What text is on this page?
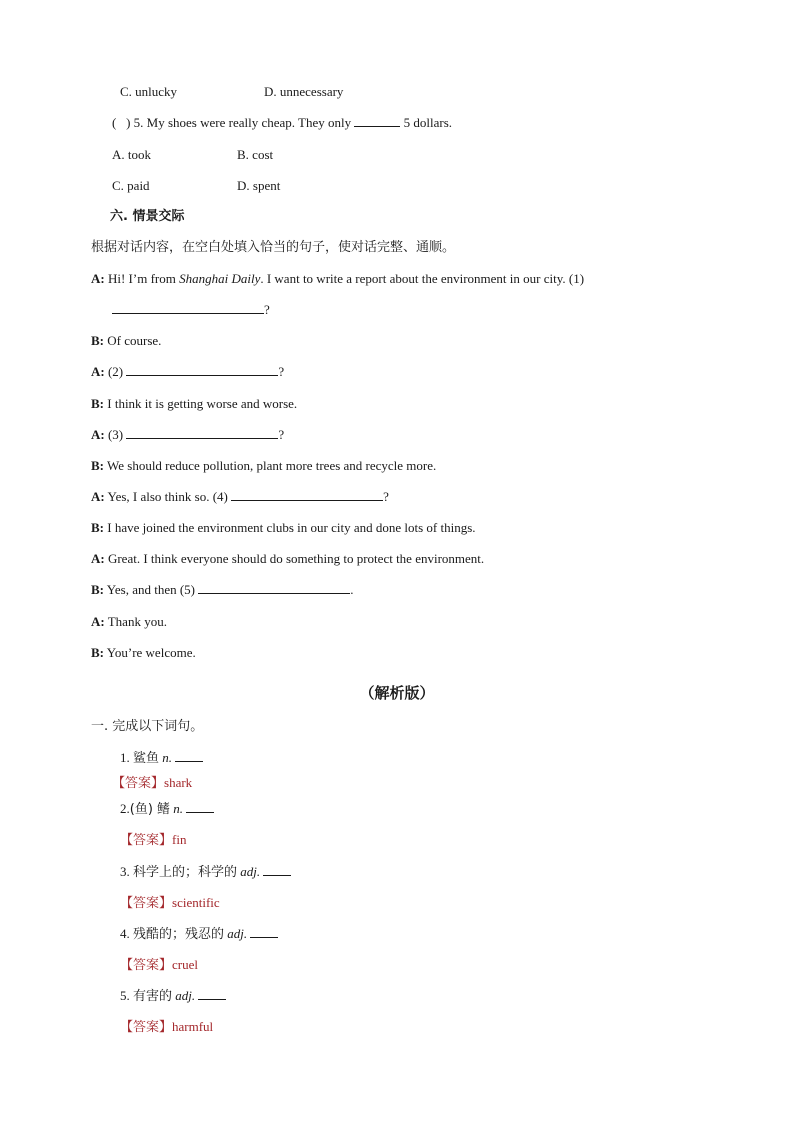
C. unlucky	D. unnecessary
(   ) 5. My shoes were really cheap. They only	5 dollars.
A. took	B. cost
C. paid	D. spent
六. 情景交际
根据对话内容，在空白处填入恰当的句子，使对话完整、通顺。
A: Hi! I’m from Shanghai Daily. I want to write a report about the environment in our city. (1)
?
B: Of course.
A: (2)	?
B: I think it is getting worse and worse.
A: (3)	?
B: We should reduce pollution, plant more trees and recycle more.
A: Yes, I also think so. (4)	?
B: I have joined the environment clubs in our city and done lots of things.
A: Great. I think everyone should do something to protect the environment.
B: Yes, and then (5)	.
A: Thank you.
B: You’re welcome.
（解析版）
一. 完成以下词句。
1. 鲨鱼 n.
【答案】shark
2.(鱼) 鳍 n.
【答案】fin
3. 科学上的；科学的 adj.
【答案】scientific
4. 残酷的；残忍的 adj.
【答案】cruel
5. 有害的 adj.
【答案】harmful
